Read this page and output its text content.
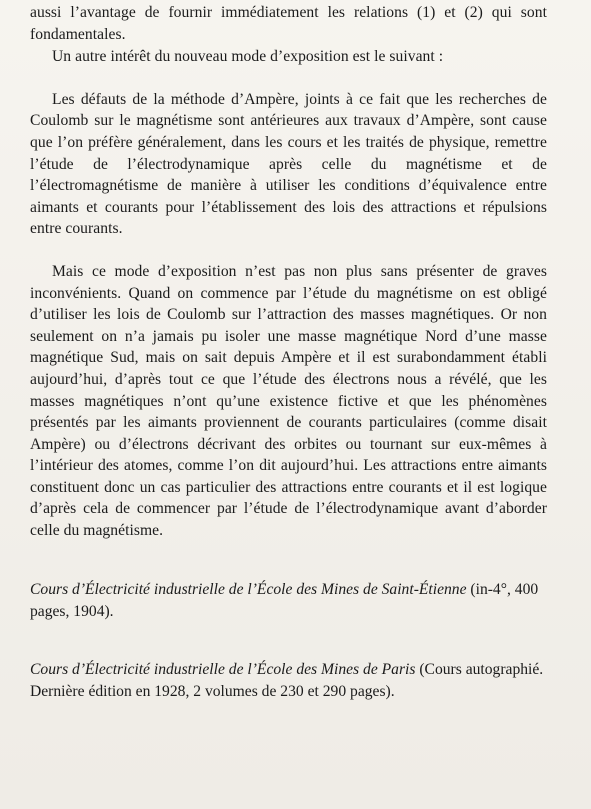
aussi l’avantage de fournir immédiatement les relations (1) et (2) qui sont fondamentales.

Un autre intérêt du nouveau mode d’exposition est le suivant :

Les défauts de la méthode d’Ampère, joints à ce fait que les recherches de Coulomb sur le magnétisme sont antérieures aux travaux d’Ampère, sont cause que l’on préfère généralement, dans les cours et les traités de physique, remettre l’étude de l’électrodynamique après celle du magnétisme et de l’électromagnétisme de manière à utiliser les conditions d’équivalence entre aimants et courants pour l’établissement des lois des attractions et répulsions entre courants.

Mais ce mode d’exposition n’est pas non plus sans présenter de graves inconvénients. Quand on commence par l’étude du magnétisme on est obligé d’utiliser les lois de Coulomb sur l’attraction des masses magnétiques. Or non seulement on n’a jamais pu isoler une masse magnétique Nord d’une masse magnétique Sud, mais on sait depuis Ampère et il est surabondamment établi aujourd’hui, d’après tout ce que l’étude des électrons nous a révélé, que les masses magnétiques n’ont qu’une existence fictive et que les phénomènes présentés par les aimants proviennent de courants particulaires (comme disait Ampère) ou d’électrons décrivant des orbites ou tournant sur eux-mêmes à l’intérieur des atomes, comme l’on dit aujourd’hui. Les attractions entre aimants constituent donc un cas particulier des attractions entre courants et il est logique d’après cela de commencer par l’étude de l’électrodynamique avant d’aborder celle du magnétisme.

Cours d’Électricité industrielle de l’École des Mines de Saint-Étienne (in-4°, 400 pages, 1904).

Cours d’Électricité industrielle de l’École des Mines de Paris (Cours autographié. Dernière édition en 1928, 2 volumes de 230 et 290 pages).
